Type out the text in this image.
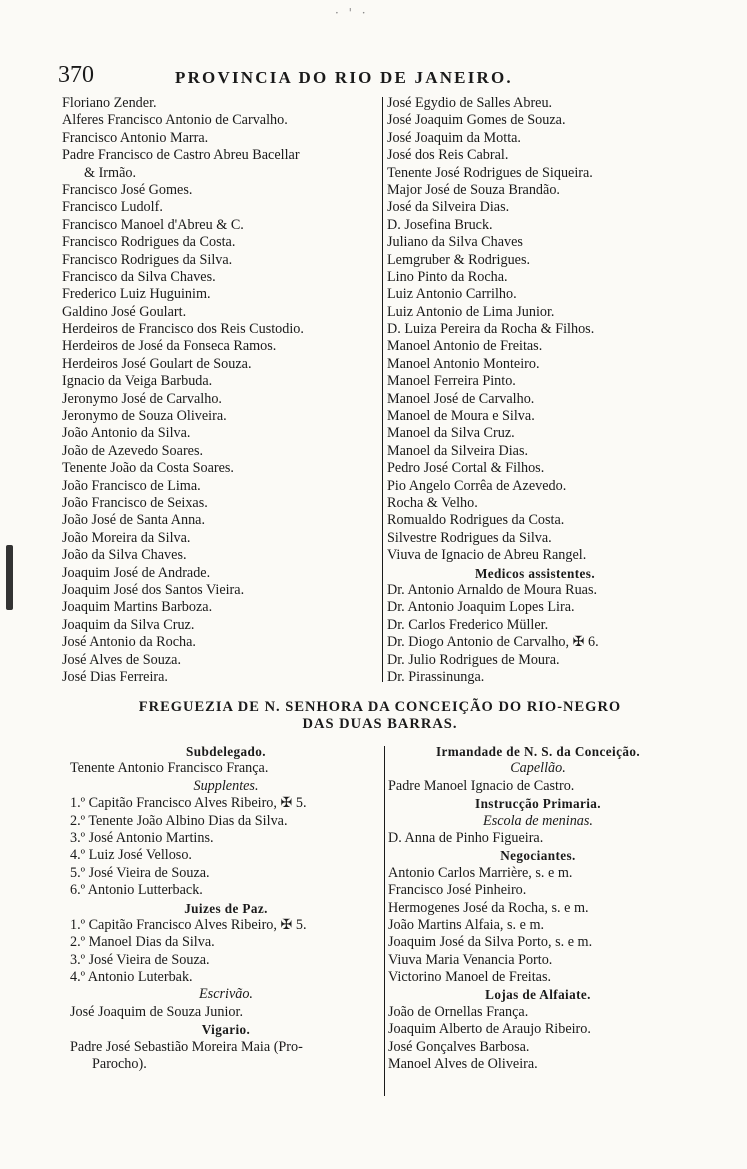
· ' ·
370	PROVINCIA DO RIO DE JANEIRO.
Floriano Zender.
Alferes Francisco Antonio de Carvalho.
Francisco Antonio Marra.
Padre Francisco de Castro Abreu Bacellar
& Irmão.
Francisco José Gomes.
Francisco Ludolf.
Francisco Manoel d'Abreu & C.
Francisco Rodrigues da Costa.
Francisco Rodrigues da Silva.
Francisco da Silva Chaves.
Frederico Luiz Huguinim.
Galdino José Goulart.
Herdeiros de Francisco dos Reis Custodio.
Herdeiros de José da Fonseca Ramos.
Herdeiros José Goulart de Souza.
Ignacio da Veiga Barbuda.
Jeronymo José de Carvalho.
Jeronymo de Souza Oliveira.
João Antonio da Silva.
João de Azevedo Soares.
Tenente João da Costa Soares.
João Francisco de Lima.
João Francisco de Seixas.
João José de Santa Anna.
João Moreira da Silva.
João da Silva Chaves.
Joaquim José de Andrade.
Joaquim José dos Santos Vieira.
Joaquim Martins Barboza.
Joaquim da Silva Cruz.
José Antonio da Rocha.
José Alves de Souza.
José Dias Ferreira.
José Egydio de Salles Abreu.
José Joaquim Gomes de Souza.
José Joaquim da Motta.
José dos Reis Cabral.
Tenente José Rodrigues de Siqueira.
Major José de Souza Brandão.
José da Silveira Dias.
D. Josefina Bruck.
Juliano da Silva Chaves
Lemgruber & Rodrigues.
Lino Pinto da Rocha.
Luiz Antonio Carrilho.
Luiz Antonio de Lima Junior.
D. Luiza Pereira da Rocha & Filhos.
Manoel Antonio de Freitas.
Manoel Antonio Monteiro.
Manoel Ferreira Pinto.
Manoel José de Carvalho.
Manoel de Moura e Silva.
Manoel da Silva Cruz.
Manoel da Silveira Dias.
Pedro José Cortal & Filhos.
Pio Angelo Corrêa de Azevedo.
Rocha & Velho.
Romualdo Rodrigues da Costa.
Silvestre Rodrigues da Silva.
Viuva de Ignacio de Abreu Rangel.
Medicos assistentes.
Dr. Antonio Arnaldo de Moura Ruas.
Dr. Antonio Joaquim Lopes Lira.
Dr. Carlos Frederico Müller.
Dr. Diogo Antonio de Carvalho, ✠ 6.
Dr. Julio Rodrigues de Moura.
Dr. Pirassinunga.
FREGUEZIA DE N. SENHORA DA CONCEIÇÃO DO RIO-NEGRO
DAS DUAS BARRAS.
Subdelegado.
Tenente Antonio Francisco França.
Supplentes.
1.º Capitão Francisco Alves Ribeiro, ✠ 5.
2.º Tenente João Albino Dias da Silva.
3.º José Antonio Martins.
4.º Luiz José Velloso.
5.º José Vieira de Souza.
6.º Antonio Lutterback.
Juizes de Paz.
1.º Capitão Francisco Alves Ribeiro, ✠ 5.
2.º Manoel Dias da Silva.
3.º José Vieira de Souza.
4.º Antonio Luterbak.
Escrivão.
José Joaquim de Souza Junior.
Vigario.
Padre José Sebastião Moreira Maia (Pro-
Parocho).
Irmandade de N. S. da Conceição.
Capellão.
Padre Manoel Ignacio de Castro.
Instrucção Primaria.
Escola de meninas.
D. Anna de Pinho Figueira.
Negociantes.
Antonio Carlos Marrière, s. e m.
Francisco José Pinheiro.
Hermogenes José da Rocha, s. e m.
João Martins Alfaia, s. e m.
Joaquim José da Silva Porto, s. e m.
Viuva Maria Venancia Porto.
Victorino Manoel de Freitas.
Lojas de Alfaiate.
João de Ornellas França.
Joaquim Alberto de Araujo Ribeiro.
José Gonçalves Barbosa.
Manoel Alves de Oliveira.
